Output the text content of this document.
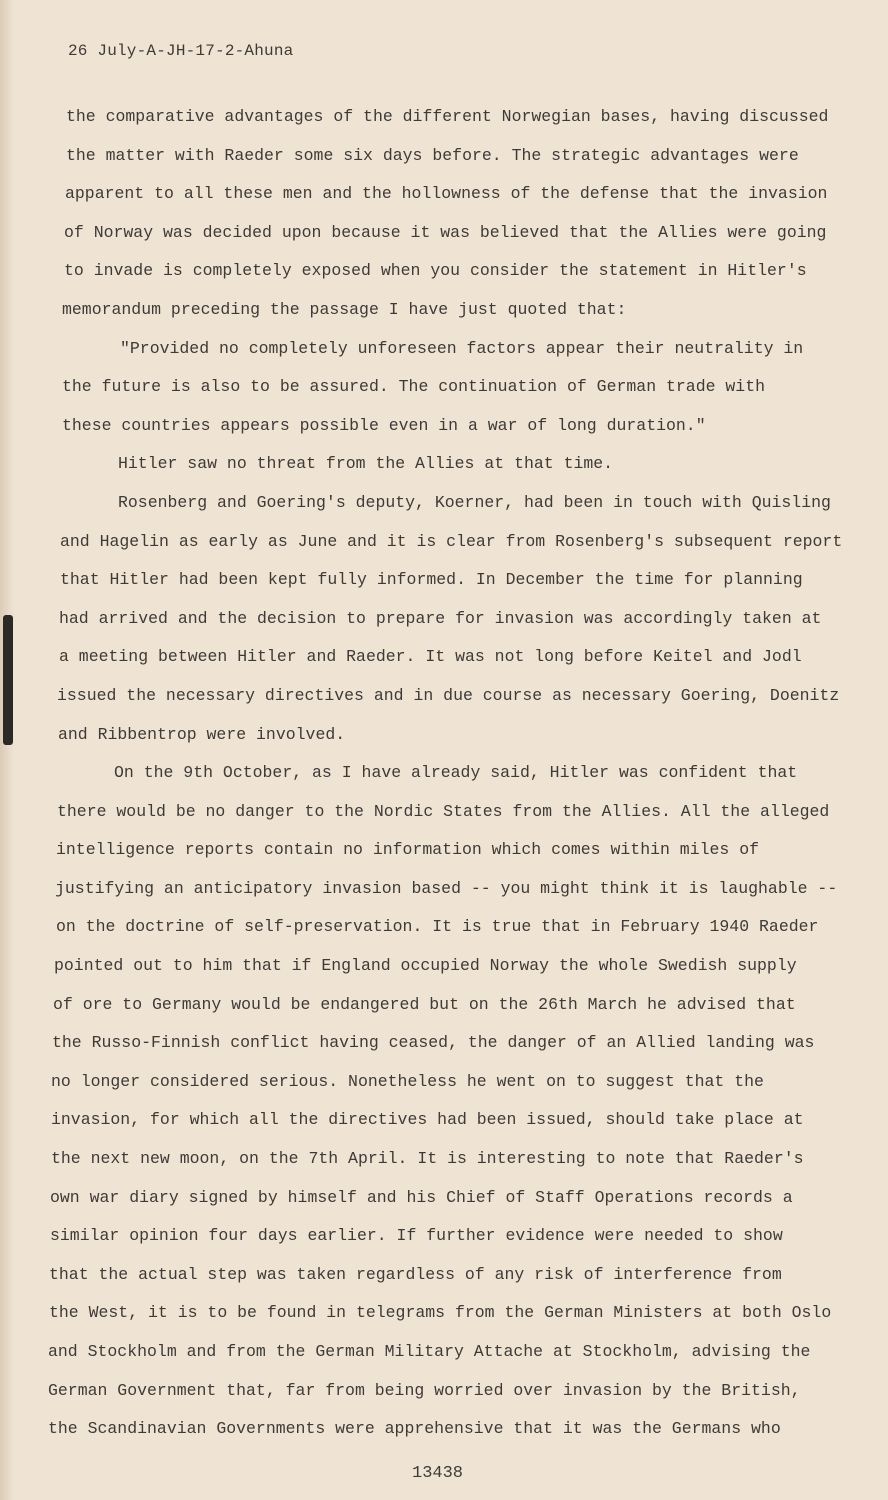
26 July-A-JH-17-2-Ahuna
the comparative advantages of the different Norwegian bases, having discussed
the matter with Raeder some six days before. The strategic advantages were
apparent to all these men and the hollowness of the defense that the invasion
of Norway was decided upon because it was believed that the Allies were going
to invade is completely exposed when you consider the statement in Hitler's
memorandum preceding the passage I have just quoted that:
"Provided no completely unforeseen factors appear their neutrality in
the future is also to be assured. The continuation of German trade with
these countries appears possible even in a war of long duration."
Hitler saw no threat from the Allies at that time.
Rosenberg and Goering's deputy, Koerner, had been in touch with Quisling
and Hagelin as early as June and it is clear from Rosenberg's subsequent report
that Hitler had been kept fully informed. In December the time for planning
had arrived and the decision to prepare for invasion was accordingly taken at
a meeting between Hitler and Raeder. It was not long before Keitel and Jodl
issued the necessary directives and in due course as necessary Goering, Doenitz
and Ribbentrop were involved.
On the 9th October, as I have already said, Hitler was confident that
there would be no danger to the Nordic States from the Allies. All the alleged
intelligence reports contain no information which comes within miles of
justifying an anticipatory invasion based -- you might think it is laughable --
on the doctrine of self-preservation. It is true that in February 1940 Raeder
pointed out to him that if England occupied Norway the whole Swedish supply
of ore to Germany would be endangered but on the 26th March he advised that
the Russo-Finnish conflict having ceased, the danger of an Allied landing was
no longer considered serious. Nonetheless he went on to suggest that the
invasion, for which all the directives had been issued, should take place at
the next new moon, on the 7th April. It is interesting to note that Raeder's
own war diary signed by himself and his Chief of Staff Operations records a
similar opinion four days earlier. If further evidence were needed to show
that the actual step was taken regardless of any risk of interference from
the West, it is to be found in telegrams from the German Ministers at both Oslo
and Stockholm and from the German Military Attache at Stockholm, advising the
German Government that, far from being worried over invasion by the British,
the Scandinavian Governments were apprehensive that it was the Germans who
13438
